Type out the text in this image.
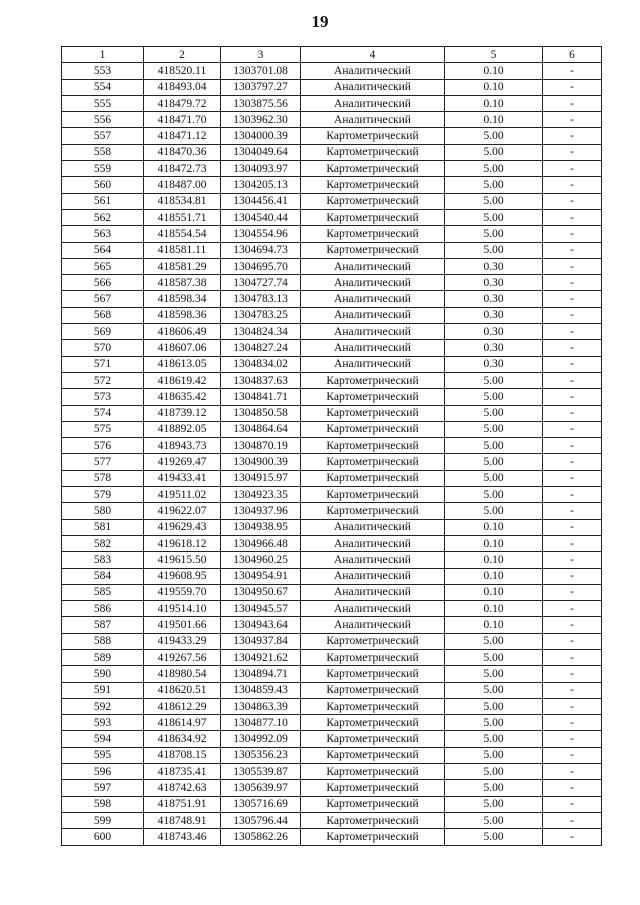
19
1	2	3	4	5	6
553	418520.11	1303701.08	Аналитический	0.10	-
554	418493.04	1303797.27	Аналитический	0.10	-
555	418479.72	1303875.56	Аналитический	0.10	-
556	418471.70	1303962.30	Аналитический	0.10	-
557	418471.12	1304000.39	Картометрический	5.00	-
558	418470.36	1304049.64	Картометрический	5.00	-
559	418472.73	1304093.97	Картометрический	5.00	-
560	418487.00	1304205.13	Картометрический	5.00	-
561	418534.81	1304456.41	Картометрический	5.00	-
562	418551.71	1304540.44	Картометрический	5.00	-
563	418554.54	1304554.96	Картометрический	5.00	-
564	418581.11	1304694.73	Картометрический	5.00	-
565	418581.29	1304695.70	Аналитический	0.30	-
566	418587.38	1304727.74	Аналитический	0.30	-
567	418598.34	1304783.13	Аналитический	0.30	-
568	418598.36	1304783.25	Аналитический	0.30	-
569	418606.49	1304824.34	Аналитический	0.30	-
570	418607.06	1304827.24	Аналитический	0.30	-
571	418613.05	1304834.02	Аналитический	0.30	-
572	418619.42	1304837.63	Картометрический	5.00	-
573	418635.42	1304841.71	Картометрический	5.00	-
574	418739.12	1304850.58	Картометрический	5.00	-
575	418892.05	1304864.64	Картометрический	5.00	-
576	418943.73	1304870.19	Картометрический	5.00	-
577	419269.47	1304900.39	Картометрический	5.00	-
578	419433.41	1304915.97	Картометрический	5.00	-
579	419511.02	1304923.35	Картометрический	5.00	-
580	419622.07	1304937.96	Картометрический	5.00	-
581	419629.43	1304938.95	Аналитический	0.10	-
582	419618.12	1304966.48	Аналитический	0.10	-
583	419615.50	1304960.25	Аналитический	0.10	-
584	419608.95	1304954.91	Аналитический	0.10	-
585	419559.70	1304950.67	Аналитический	0.10	-
586	419514.10	1304945.57	Аналитический	0.10	-
587	419501.66	1304943.64	Аналитический	0.10	-
588	419433.29	1304937.84	Картометрический	5.00	-
589	419267.56	1304921.62	Картометрический	5.00	-
590	418980.54	1304894.71	Картометрический	5.00	-
591	418620.51	1304859.43	Картометрический	5.00	-
592	418612.29	1304863.39	Картометрический	5.00	-
593	418614.97	1304877.10	Картометрический	5.00	-
594	418634.92	1304992.09	Картометрический	5.00	-
595	418708.15	1305356.23	Картометрический	5.00	-
596	418735.41	1305539.87	Картометрический	5.00	-
597	418742.63	1305639.97	Картометрический	5.00	-
598	418751.91	1305716.69	Картометрический	5.00	-
599	418748.91	1305796.44	Картометрический	5.00	-
600	418743.46	1305862.26	Картометрический	5.00	-
